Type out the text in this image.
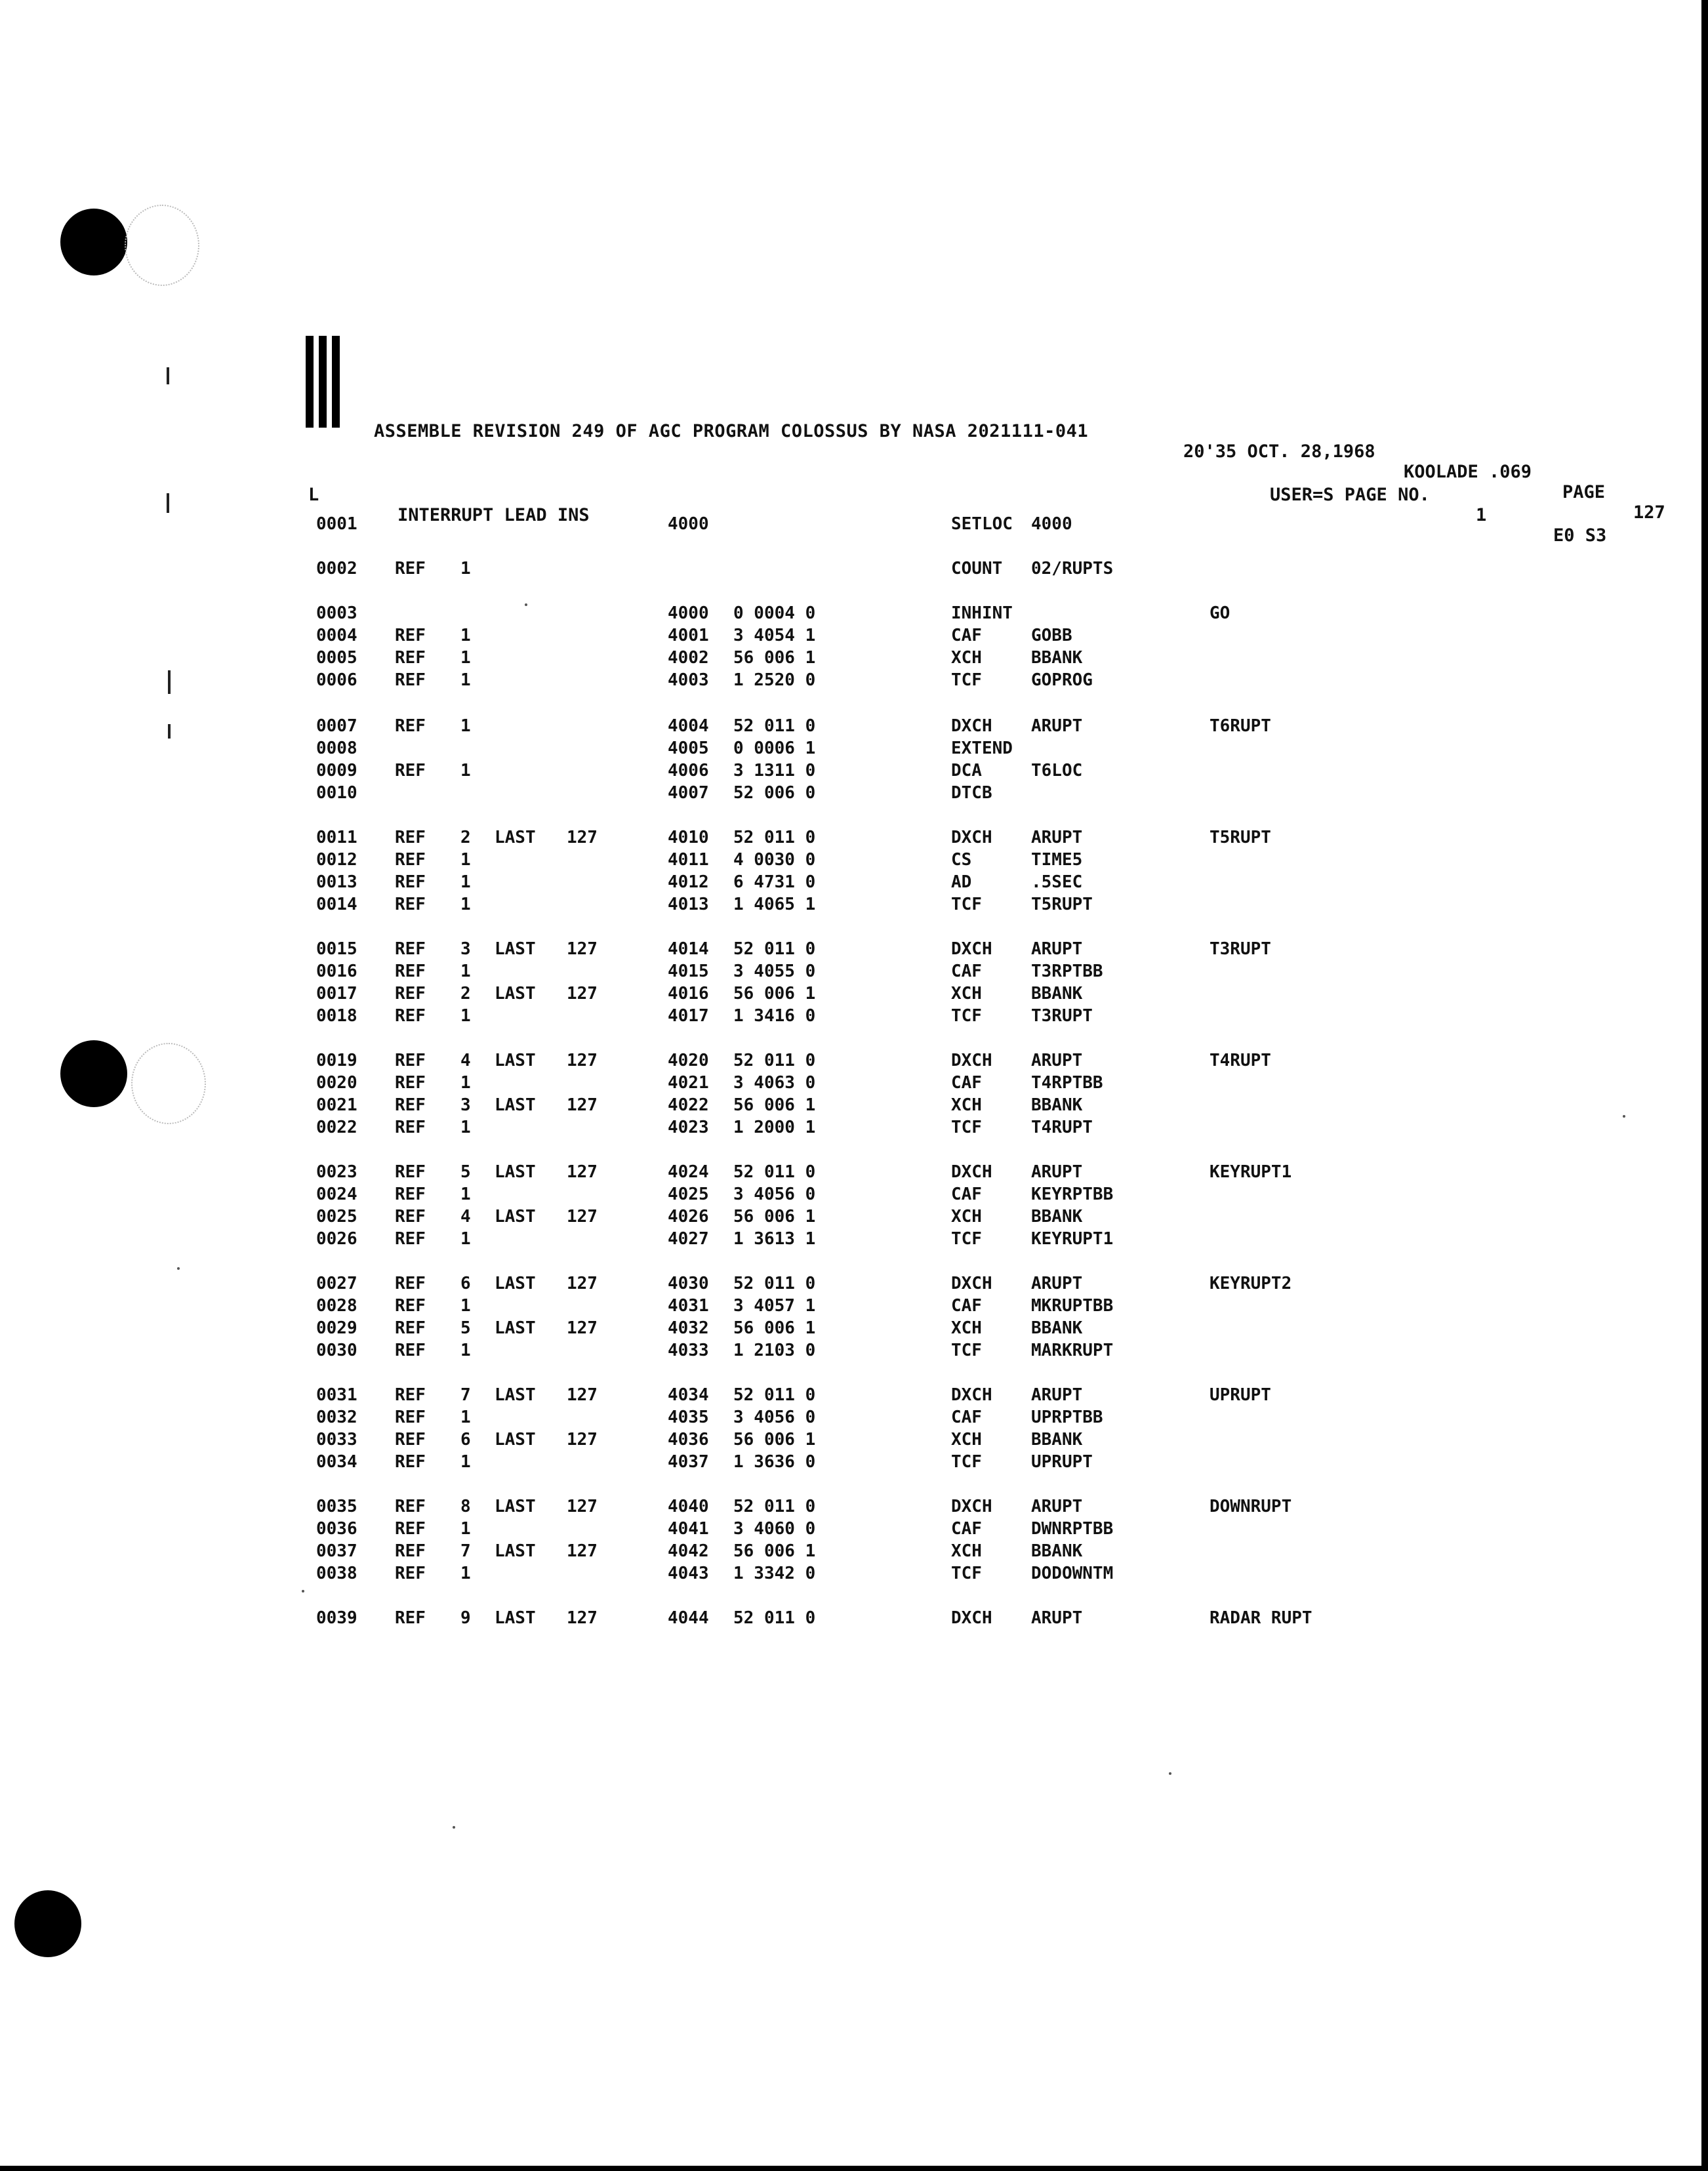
ASSEMBLE REVISION 249 OF AGC PROGRAM COLOSSUS BY NASA 2021111-041

20'35 OCT. 28,1968

KOOLADE .069

PAGE

127

L

INTERRUPT LEAD INS

USER=S PAGE NO.

1

E0 S3

0001	4000	SETLOC 4000
0002 REF 1	COUNT 02/RUPTS
0003	4000 0 0004 0	INHINT	GO
0004 REF 1	4001 3 4054 1	CAF	GOBB
0005 REF 1	4002 56 006 1	XCH	BBANK
0006 REF 1	4003 1 2520 0	TCF	GOPROG
0007 REF 1	4004 52 011 0	DXCH ARUPT	T6RUPT
0008	4005 0 0006 1	EXTEND
0009 REF 1	4006 3 1311 0	DCA	T6LOC
0010	4007 52 006 0	DTCB
0011 REF 2 LAST 127	4010 52 011 0	DXCH ARUPT	T5RUPT
0012 REF 1	4011 4 0030 0	CS	TIME5
0013 REF 1	4012 6 4731 0	AD	.5SEC
0014 REF 1	4013 1 4065 1	TCF	T5RUPT
0015 REF 3 LAST 127	4014 52 011 0	DXCH ARUPT	T3RUPT
0016 REF 1	4015 3 4055 0	CAF	T3RPTBB
0017 REF 2 LAST 127	4016 56 006 1	XCH	BBANK
0018 REF 1	4017 1 3416 0	TCF	T3RUPT
0019 REF 4 LAST 127	4020 52 011 0	DXCH ARUPT	T4RUPT
0020 REF 1	4021 3 4063 0	CAF	T4RPTBB
0021 REF 3 LAST 127	4022 56 006 1	XCH	BBANK
0022 REF 1	4023 1 2000 1	TCF	T4RUPT
0023 REF 5 LAST 127	4024 52 011 0	DXCH ARUPT	KEYRUPT1
0024 REF 1	4025 3 4056 0	CAF	KEYRPTBB
0025 REF 4 LAST 127	4026 56 006 1	XCH	BBANK
0026 REF 1	4027 1 3613 1	TCF	KEYRUPT1
0027 REF 6 LAST 127	4030 52 011 0	DXCH ARUPT	KEYRUPT2
0028 REF 1	4031 3 4057 1	CAF	MKRUPTBB
0029 REF 5 LAST 127	4032 56 006 1	XCH	BBANK
0030 REF 1	4033 1 2103 0	TCF	MARKRUPT
0031 REF 7 LAST 127	4034 52 011 0	DXCH ARUPT	UPRUPT
0032 REF 1	4035 3 4056 0	CAF	UPRPTBB
0033 REF 6 LAST 127	4036 56 006 1	XCH	BBANK
0034 REF 1	4037 1 3636 0	TCF	UPRUPT
0035 REF 8 LAST 127	4040 52 011 0	DXCH ARUPT	DOWNRUPT
0036 REF 1	4041 3 4060 0	CAF	DWNRPTBB
0037 REF 7 LAST 127	4042 56 006 1	XCH	BBANK
0038 REF 1	4043 1 3342 0	TCF	DODOWNTM
0039 REF 9 LAST 127	4044 52 011 0	DXCH ARUPT	RADAR RUPT
